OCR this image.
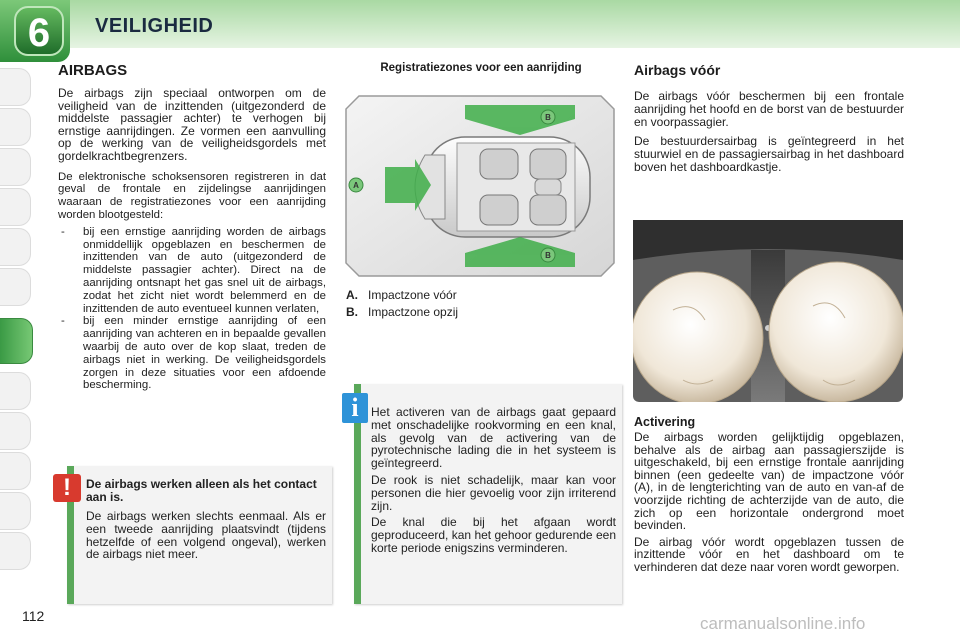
6	VEILIGHEID
AIRBAGS

De airbags zijn speciaal ontworpen om de veiligheid van de inzittenden (uitgezonderd de middelste passagier achter) te verhogen bij ernstige aanrijdingen. Ze vormen een aanvulling op de werking van de veiligheidsgordels met gordelkrachtbegrenzers.

De elektronische schoksensoren registreren in dat geval de frontale en zijdelingse aanrijdingen waaraan de registratiezones voor een aanrijding worden blootgesteld:

- bij een ernstige aanrijding worden de airbags onmiddellijk opgeblazen en beschermen de inzittenden van de auto (uitgezonderd de middelste passagier achter). Direct na de aanrijding ontsnapt het gas snel uit de airbags, zodat het zicht niet wordt belemmerd en de inzittenden de auto eventueel kunnen verlaten,
- bij een minder ernstige aanrijding of een aanrijding van achteren en in bepaalde gevallen waarbij de auto over de kop slaat, treden de airbags niet in werking. De veiligheidsgordels zorgen in deze situaties voor een afdoende bescherming.

De airbags werken alleen als het contact aan is.

De airbags werken slechts eenmaal. Als er een tweede aanrijding plaatsvindt (tijdens hetzelfde of een volgend ongeval), werken de airbags niet meer.

!
Registratiezones voor een aanrijding
A
B
B
A. Impactzone vóór
B. Impactzone opzij

Het activeren van de airbags gaat gepaard met onschadelijke rookvorming en een knal, als gevolg van de activering van de pyrotechnische lading die in het systeem is geïntegreerd.

De rook is niet schadelijk, maar kan voor personen die hier gevoelig voor zijn irriterend zijn.

De knal die bij het afgaan wordt geproduceerd, kan het gehoor gedurende een korte periode enigszins verminderen.

i
Airbags vóór

De airbags vóór beschermen bij een frontale aanrijding het hoofd en de borst van de bestuurder en voorpassagier.

De bestuurdersairbag is geïntegreerd in het stuurwiel en de passagiersairbag in het dashboard boven het dashboardkastje.

Activering

De airbags worden gelijktijdig opgeblazen, behalve als de airbag aan passagierszijde is uitgeschakeld, bij een ernstige frontale aanrijding binnen (een gedeelte van) de impactzone vóór (A), in de lengterichting van de auto en van-af de voorzijde richting de achterzijde van de auto, die zich op een horizontale ondergrond moet bevinden.

De airbag vóór wordt opgeblazen tussen de inzittende vóór en het dashboard om te verhinderen dat deze naar voren wordt geworpen.

112	carmanualsonline.info
